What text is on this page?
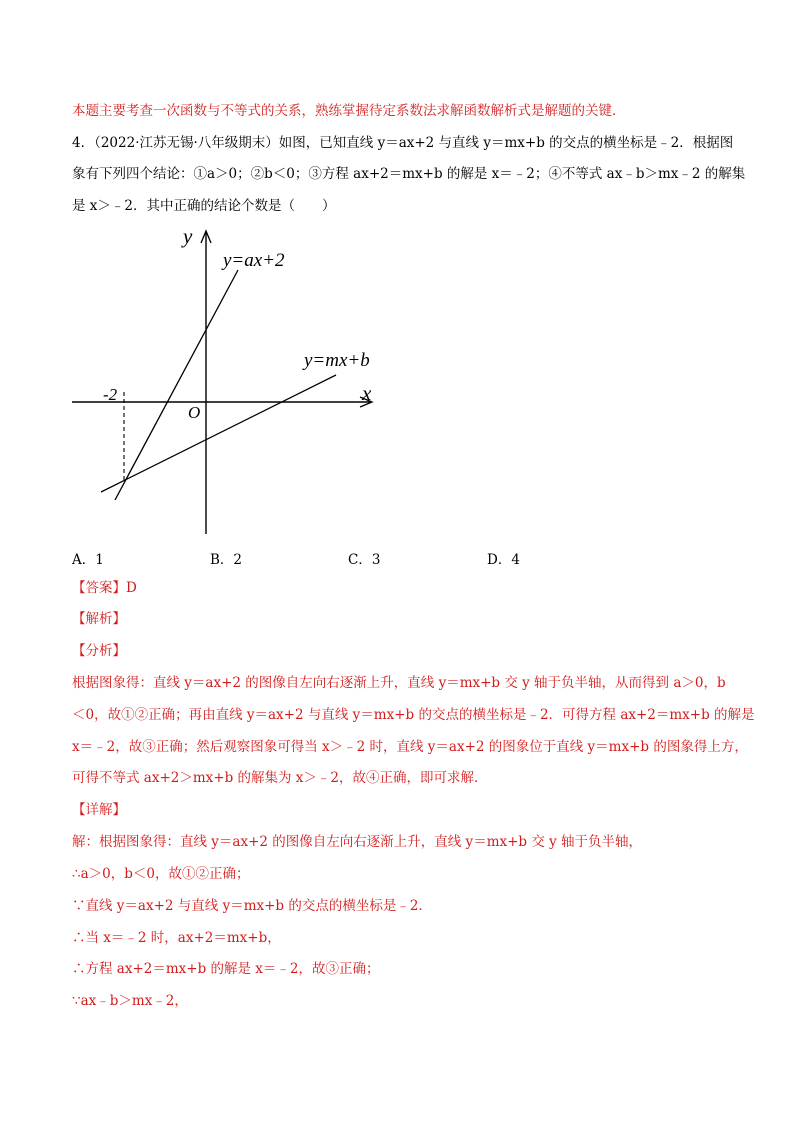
本题主要考查一次函数与不等式的关系，熟练掌握待定系数法求解函数解析式是解题的关键．
4．（2022·江苏无锡·八年级期末）如图，已知直线 y＝ax+2 与直线 y＝mx+b 的交点的横坐标是﹣2．根据图
象有下列四个结论：①a＞0；②b＜0；③方程 ax+2＝mx+b 的解是 x＝﹣2；④不等式 ax﹣b＞mx﹣2 的解集
是 x＞﹣2．其中正确的结论个数是（　　）
y
x
O
-2
y=ax+2
y=mx+b
A．1	B．2	C．3	D．4
【答案】D
【解析】
【分析】
根据图象得：直线 y＝ax+2 的图像自左向右逐渐上升，直线 y＝mx+b 交 y 轴于负半轴，从而得到 a＞0，b
＜0，故①②正确；再由直线 y＝ax+2 与直线 y＝mx+b 的交点的横坐标是﹣2．可得方程 ax+2＝mx+b 的解是
x＝﹣2，故③正确；然后观察图象可得当 x＞﹣2 时，直线 y＝ax+2 的图象位于直线 y＝mx+b 的图象得上方，
可得不等式 ax+2＞mx+b 的解集为 x＞﹣2，故④正确，即可求解．
【详解】
解：根据图象得：直线 y＝ax+2 的图像自左向右逐渐上升，直线 y＝mx+b 交 y 轴于负半轴，
∴a＞0，b＜0，故①②正确；
∵直线 y＝ax+2 与直线 y＝mx+b 的交点的横坐标是﹣2．
∴当 x＝﹣2 时，ax+2＝mx+b，
∴方程 ax+2＝mx+b 的解是 x＝﹣2，故③正确；
∵ax﹣b＞mx﹣2，
